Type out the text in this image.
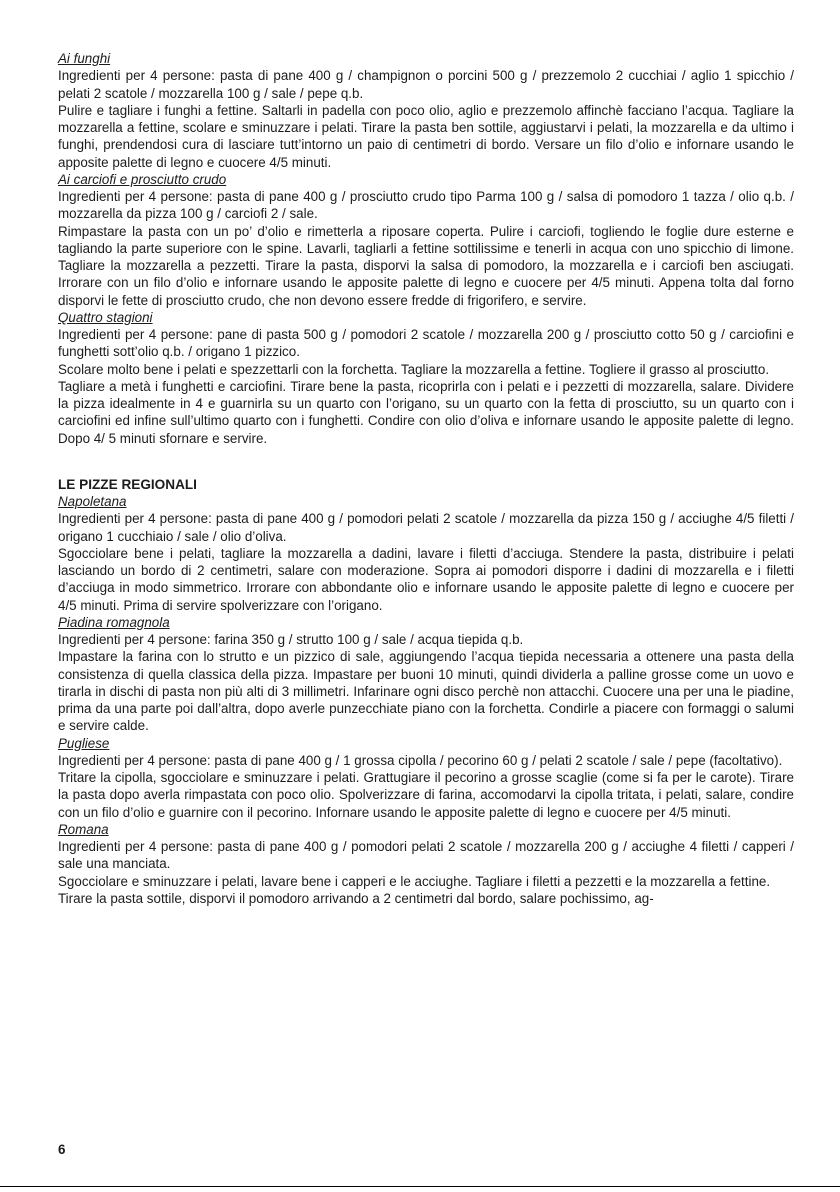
Ai funghi

Ingredienti per 4 persone: pasta di pane 400 g / champignon o porcini 500 g / prezzemolo 2 cucchiai / aglio 1 spicchio / pelati 2 scatole / mozzarella 100 g / sale / pepe q.b.

Pulire e tagliare i funghi a fettine. Saltarli in padella con poco olio, aglio e prezzemolo affinchè facciano l’acqua. Tagliare la mozzarella a fettine, scolare e sminuzzare i pelati. Tirare la pasta ben sottile, aggiustarvi i pelati, la mozzarella e da ultimo i funghi, prendendosi cura di lasciare tutt’intorno un paio di centimetri di bordo. Versare un filo d’olio e infornare usando le apposite palette di legno e cuocere 4/5 minuti.

Ai carciofi e prosciutto crudo

Ingredienti per 4 persone: pasta di pane 400 g / prosciutto crudo tipo Parma 100 g / salsa di pomodoro 1 tazza / olio q.b. / mozzarella da pizza 100 g / carciofi 2 / sale.

Rimpastare la pasta con un po’ d’olio e rimetterla a riposare coperta. Pulire i carciofi, togliendo le foglie dure esterne e tagliando la parte superiore con le spine. Lavarli, tagliarli a fettine sottilissime e tenerli in acqua con uno spicchio di limone. Tagliare la mozzarella a pezzetti. Tirare la pasta, disporvi la salsa di pomodoro, la mozzarella e i carciofi ben asciugati. Irrorare con un filo d’olio e infornare usando le apposite palette di legno e cuocere per 4/5 minuti. Appena tolta dal forno disporvi le fette di prosciutto crudo, che non devono essere fredde di frigorifero, e servire.

Quattro stagioni

Ingredienti per 4 persone: pane di pasta 500 g / pomodori 2 scatole / mozzarella 200 g / prosciutto cotto 50 g / carciofini e funghetti sott’olio q.b. / origano 1 pizzico.

Scolare molto bene i pelati e spezzettarli con la forchetta. Tagliare la mozzarella a fettine. Togliere il grasso al prosciutto.

Tagliare a metà i funghetti e carciofini. Tirare bene la pasta, ricoprirla con i pelati e i pezzetti di mozzarella, salare. Dividere la pizza idealmente in 4 e guarnirla su un quarto con l’origano, su un quarto con la fetta di prosciutto, su un quarto con i carciofini ed infine sull’ultimo quarto con i funghetti. Condire con olio d’oliva e infornare usando le apposite palette di legno. Dopo 4/ 5 minuti sfornare e servire.

LE PIZZE REGIONALI
Napoletana

Ingredienti per 4 persone: pasta di pane 400 g / pomodori pelati 2 scatole / mozzarella da pizza 150 g / acciughe 4/5 filetti / origano 1 cucchiaio / sale / olio d’oliva.

Sgocciolare bene i pelati, tagliare la mozzarella a dadini, lavare i filetti d’acciuga. Stendere la pasta, distribuire i pelati lasciando un bordo di 2 centimetri, salare con moderazione. Sopra ai pomodori disporre i dadini di mozzarella e i filetti d’acciuga in modo simmetrico. Irrorare con abbondante olio e infornare usando le apposite palette di legno e cuocere per 4/5 minuti. Prima di servire spolverizzare con l’origano.

Piadina romagnola

Ingredienti per 4 persone: farina 350 g / strutto 100 g / sale / acqua tiepida q.b.

Impastare la farina con lo strutto e un pizzico di sale, aggiungendo l’acqua tiepida necessaria a ottenere una pasta della consistenza di quella classica della pizza. Impastare per buoni 10 minuti, quindi dividerla a palline grosse come un uovo e tirarla in dischi di pasta non più alti di 3 millimetri. Infarinare ogni disco perchè non attacchi. Cuocere una per una le piadine, prima da una parte poi dall’altra, dopo averle punzecchiate piano con la forchetta. Condirle a piacere con formaggi o salumi e servire calde.

Pugliese

Ingredienti per 4 persone: pasta di pane 400 g / 1 grossa cipolla / pecorino 60 g / pelati 2 scatole / sale / pepe (facoltativo).

Tritare la cipolla, sgocciolare e sminuzzare i pelati. Grattugiare il pecorino a grosse scaglie (come si fa per le carote). Tirare la pasta dopo averla rimpastata con poco olio. Spolverizzare di farina, accomodarvi la cipolla tritata, i pelati, salare, condire con un filo d’olio e guarnire con il pecorino. Infornare usando le apposite palette di legno e cuocere per 4/5 minuti.

Romana

Ingredienti per 4 persone: pasta di pane 400 g / pomodori pelati 2 scatole / mozzarella 200 g / acciughe 4 filetti / capperi / sale una manciata.

Sgocciolare e sminuzzare i pelati, lavare bene i capperi e le acciughe. Tagliare i filetti a pezzetti e la mozzarella a fettine.

Tirare la pasta sottile, disporvi il pomodoro arrivando a 2 centimetri dal bordo, salare pochissimo, ag-

6
